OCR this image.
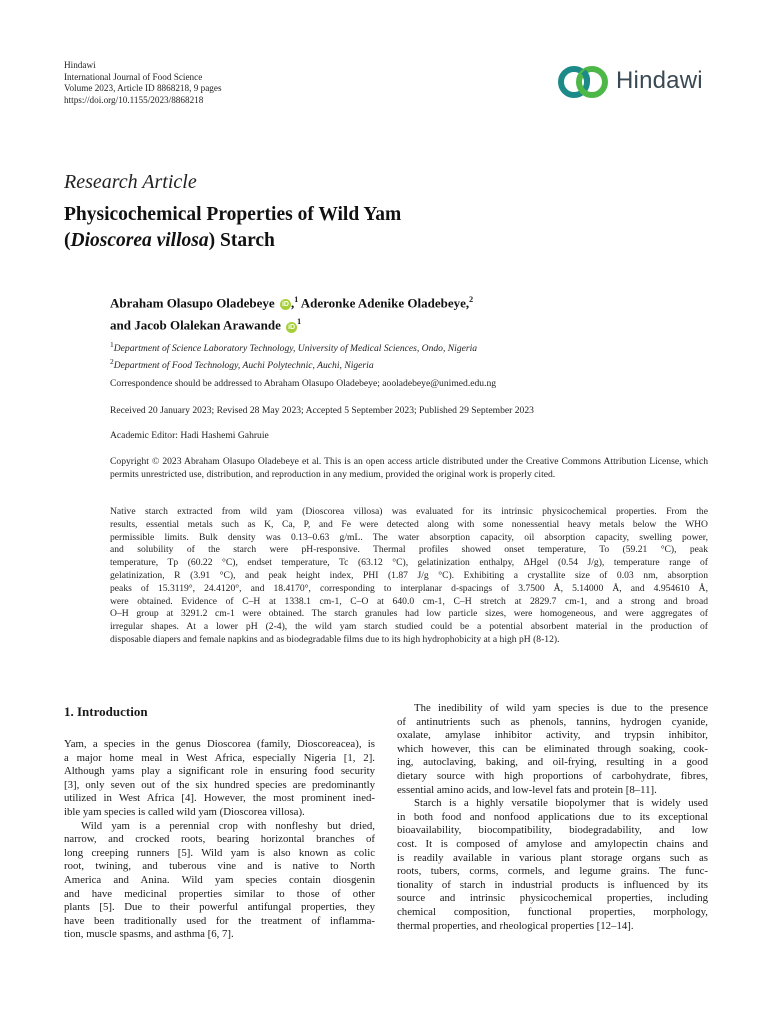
Hindawi
International Journal of Food Science
Volume 2023, Article ID 8868218, 9 pages
https://doi.org/10.1155/2023/8868218
Hindawi
Research Article
Physicochemical Properties of Wild Yam
(Dioscorea villosa) Starch
Abraham Olasupo Oladebeye iD ,$^1$ Aderonke Adenike Oladebeye,$^2$
and Jacob Olalekan Arawande $iD^1$
$^1$Department of Science Laboratory Technology, University of Medical Sciences, Ondo, Nigeria
$^2$Department of Food Technology, Auchi Polytechnic, Auchi, Nigeria
Correspondence should be addressed to Abraham Olasupo Oladebeye; aooladebeye@unimed.edu.ng
Received 20 January 2023; Revised 28 May 2023; Accepted 5 September 2023; Published 29 September 2023
Academic Editor: Hadi Hashemi Gahruie
Copyright © 2023 Abraham Olasupo Oladebeye et al. This is an open access article distributed under the Creative Commons Attribution License, which permits unrestricted use, distribution, and reproduction in any medium, provided the original work is properly cited.
Native starch extracted from wild yam (Dioscorea villosa) was evaluated for its intrinsic physicochemical properties. From the
results, essential metals such as K, Ca, P, and Fe were detected along with some nonessential heavy metals below the WHO
permissible limits. Bulk density was 0.13–0.63 g/mL. The water absorption capacity, oil absorption capacity, swelling power,
and solubility of the starch were pH-responsive. Thermal profiles showed onset temperature, To (59.21 °C), peak
temperature, Tp (60.22 °C), endset temperature, Tc (63.12 °C), gelatinization enthalpy, ΔHgel (0.54 J/g), temperature range of
gelatinization, R (3.91 °C), and peak height index, PHI (1.87 J/g °C). Exhibiting a crystallite size of 0.03 nm, absorption
peaks of 15.3119°, 24.4120°, and 18.4170°, corresponding to interplanar d-spacings of 3.7500 Å, 5.14000 Å, and 4.954610 Å,
were obtained. Evidence of C–H at 1338.1 cm-1, C–O at 640.0 cm-1, C–H stretch at 2829.7 cm-1, and a strong and broad
O–H group at 3291.2 cm-1 were obtained. The starch granules had low particle sizes, were homogeneous, and were aggregates of
irregular shapes. At a lower pH (2-4), the wild yam starch studied could be a potential absorbent material in the production of
disposable diapers and female napkins and as biodegradable films due to its high hydrophobicity at a high pH (8-12).
1. Introduction
Yam, a species in the genus Dioscorea (family, Dioscoreacea), is
a major home meal in West Africa, especially Nigeria [1, 2].
Although yams play a significant role in ensuring food security
[3], only seven out of the six hundred species are predominantly
utilized in West Africa [4]. However, the most prominent ined-
ible yam species is called wild yam (Dioscorea villosa).
Wild yam is a perennial crop with nonfleshy but dried,
narrow, and crocked roots, bearing horizontal branches of
long creeping runners [5]. Wild yam is also known as colic
root, twining, and tuberous vine and is native to North
America and Anina. Wild yam species contain diosgenin
and have medicinal properties similar to those of other
plants [5]. Due to their powerful antifungal properties, they
have been traditionally used for the treatment of inflamma-
tion, muscle spasms, and asthma [6, 7].
The inedibility of wild yam species is due to the presence
of antinutrients such as phenols, tannins, hydrogen cyanide,
oxalate, amylase inhibitor activity, and trypsin inhibitor,
which however, this can be eliminated through soaking, cook-
ing, autoclaving, baking, and oil-frying, resulting in a good
dietary source with high proportions of carbohydrate, fibres,
essential amino acids, and low-level fats and protein [8–11].
Starch is a highly versatile biopolymer that is widely used
in both food and nonfood applications due to its exceptional
bioavailability, biocompatibility, biodegradability, and low
cost. It is composed of amylose and amylopectin chains and
is readily available in various plant storage organs such as
roots, tubers, corms, cormels, and legume grains. The func-
tionality of starch in industrial products is influenced by its
source and intrinsic physicochemical properties, including
chemical composition, functional properties, morphology,
thermal properties, and rheological properties [12–14].
